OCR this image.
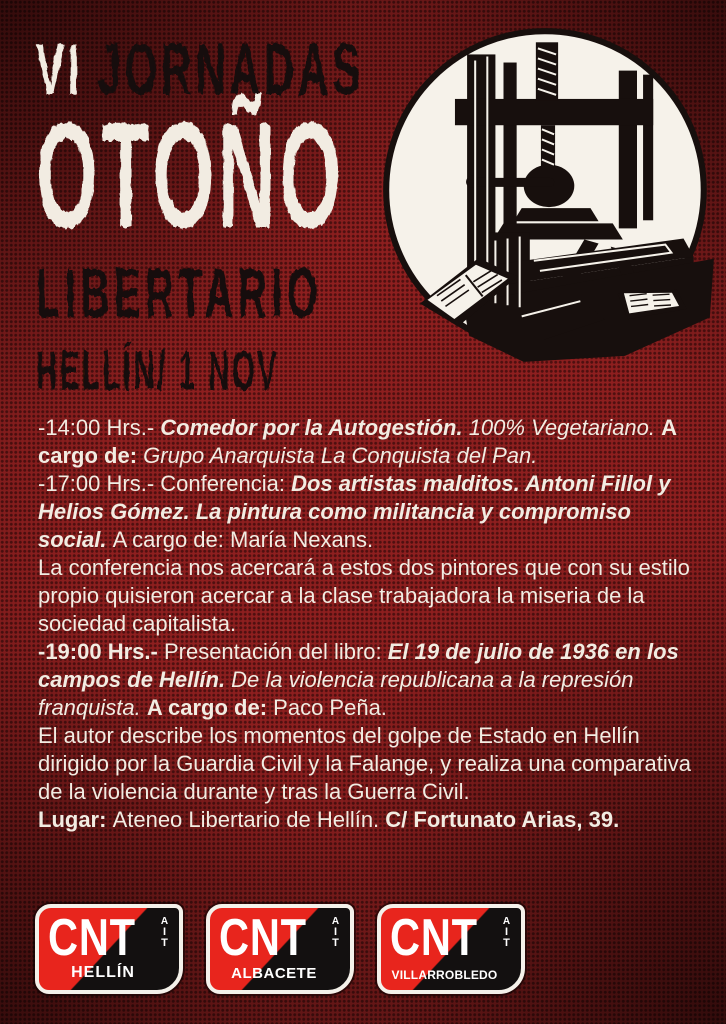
VI JORNADAS
OTOÑO
LIBERTARIO
HELLÍN/ 1 NOV

-14:00 Hrs.- Comedor por la Autogestión. 100% Vegetariano. A cargo de: Grupo Anarquista La Conquista del Pan.

-17:00 Hrs.- Conferencia: Dos artistas malditos. Antoni Fillol y Helios Gómez. La pintura como militancia y compromiso social. A cargo de: María Nexans.
La conferencia nos acercará a estos dos pintores que con su estilo propio quisieron acercar a la clase trabajadora la miseria de la sociedad capitalista.

-19:00 Hrs.- Presentación del libro: El 19 de julio de 1936 en los campos de Hellín. De la violencia republicana a la represión franquista. A cargo de: Paco Peña.
El autor describe los momentos del golpe de Estado en Hellín dirigido por la Guardia Civil y la Falange, y realiza una comparativa de la violencia durante y tras la Guerra Civil.

Lugar: Ateneo Libertario de Hellín. C/ Fortunato Arias, 39.

CNT A
I
T
HELLÍN
CNT A
I
T
ALBACETE
CNT A
I
T
VILLARROBLEDO
